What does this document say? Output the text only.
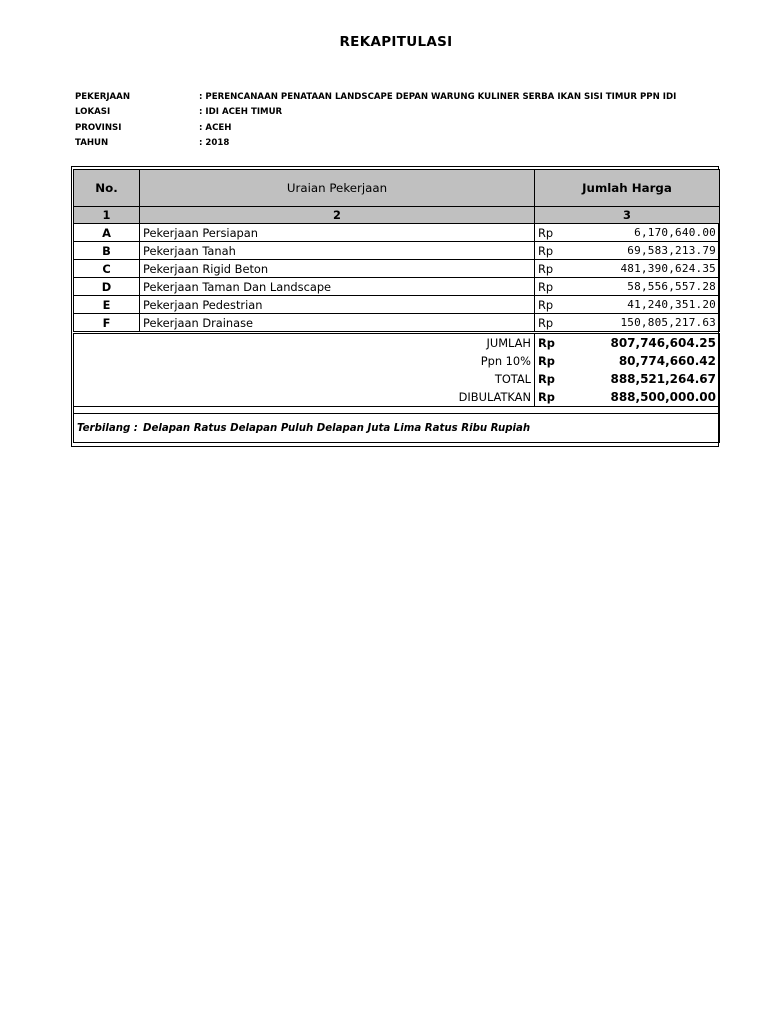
REKAPITULASI
PEKERJAAN	: PERENCANAAN PENATAAN LANDSCAPE DEPAN WARUNG KULINER SERBA IKAN SISI TIMUR PPN IDI
LOKASI	: IDI ACEH TIMUR
PROVINSI	: ACEH
TAHUN	: 2018
No.	Uraian Pekerjaan	Jumlah Harga	
1	2	3	
A	Pekerjaan Persiapan	Rp	6,170,640.00
B	Pekerjaan Tanah	Rp	69,583,213.79
C	Pekerjaan Rigid Beton	Rp	481,390,624.35
D	Pekerjaan Taman Dan Landscape	Rp	58,556,557.28
E	Pekerjaan Pedestrian	Rp	41,240,351.20
F	Pekerjaan Drainase	Rp	150,805,217.63
JUMLAH		Rp	807,746,604.25
Ppn 10%		Rp	80,774,660.42
TOTAL		Rp	888,521,264.67
DIBULATKAN		Rp	888,500,000.00

Terbilang : Delapan Ratus Delapan Puluh Delapan Juta Lima Ratus Ribu Rupiah			
